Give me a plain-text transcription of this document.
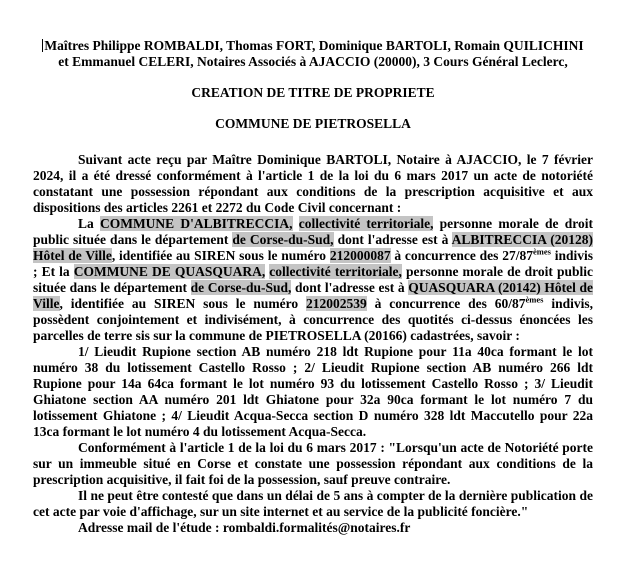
Maîtres Philippe ROMBALDI, Thomas FORT, Dominique BARTOLI, Romain QUILICHINI

et Emmanuel CELERI, Notaires Associés à AJACCIO (20000), 3 Cours Général Leclerc,

CREATION DE TITRE DE PROPRIETE

COMMUNE DE PIETROSELLA

Suivant acte reçu par Maître Dominique BARTOLI, Notaire à AJACCIO, le 7 février 2024, il a été dressé conformément à l'article 1 de la loi du 6 mars 2017 un acte de notoriété constatant une possession répondant aux conditions de la prescription acquisitive et aux dispositions des articles 2261 et 2272 du Code Civil concernant :

La COMMUNE D'ALBITRECCIA, collectivité territoriale, personne morale de droit public située dans le département de Corse-du-Sud, dont l'adresse est à ALBITRECCIA (20128) Hôtel de Ville, identifiée au SIREN sous le numéro 212000087 à concurrence des 27/87èmes indivis ; Et la COMMUNE DE QUASQUARA, collectivité territoriale, personne morale de droit public située dans le département de Corse-du-Sud, dont l'adresse est à QUASQUARA (20142) Hôtel de Ville, identifiée au SIREN sous le numéro 212002539 à concurrence des 60/87èmes indivis, possèdent conjointement et indivisément, à concurrence des quotités ci-dessus énoncées les parcelles de terre sis sur la commune de PIETROSELLA (20166) cadastrées, savoir :

1/ Lieudit Rupione section AB numéro 218 ldt Rupione pour 11a 40ca formant le lot numéro 38 du lotissement Castello Rosso ; 2/ Lieudit Rupione section AB numéro 266 ldt Rupione pour 14a 64ca formant le lot numéro 93 du lotissement Castello Rosso ; 3/ Lieudit Ghiatone section AA numéro 201 ldt Ghiatone pour 32a 90ca formant le lot numéro 7 du lotissement Ghiatone ; 4/ Lieudit Acqua-Secca section D numéro 328 ldt Maccutello pour 22a 13ca formant le lot numéro 4 du lotissement Acqua-Secca.

Conformément à l'article 1 de la loi du 6 mars 2017 : "Lorsqu'un acte de Notoriété porte sur un immeuble situé en Corse et constate une possession répondant aux conditions de la prescription acquisitive, il fait foi de la possession, sauf preuve contraire.

Il ne peut être contesté que dans un délai de 5 ans à compter de la dernière publication de cet acte par voie d'affichage, sur un site internet et au service de la publicité foncière."

Adresse mail de l'étude : rombaldi.formalités@notaires.fr
